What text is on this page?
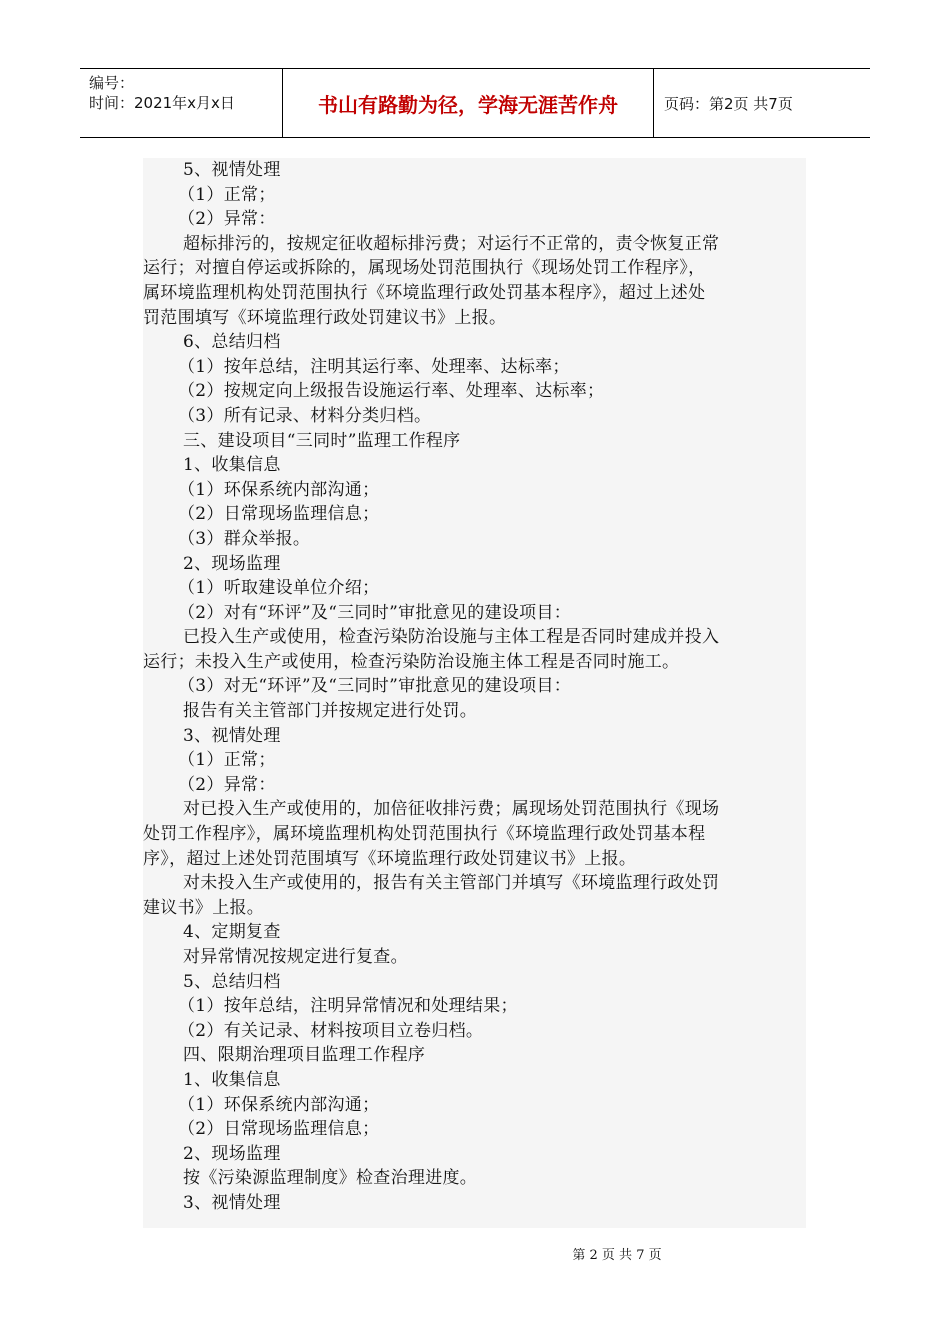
编号：
时间：2021年x月x日	书山有路勤为径，学海无涯苦作舟	页码：第2页 共7页
5、视情处理
（1）正常；
（2）异常：
超标排污的，按规定征收超标排污费；对运行不正常的，责令恢复正常
运行；对擅自停运或拆除的，属现场处罚范围执行《现场处罚工作程序》，
属环境监理机构处罚范围执行《环境监理行政处罚基本程序》，超过上述处
罚范围填写《环境监理行政处罚建议书》上报。
6、总结归档
（1）按年总结，注明其运行率、处理率、达标率；
（2）按规定向上级报告设施运行率、处理率、达标率；
（3）所有记录、材料分类归档。
三、建设项目“三同时”监理工作程序
1、收集信息
（1）环保系统内部沟通；
（2）日常现场监理信息；
（3）群众举报。
2、现场监理
（1）听取建设单位介绍；
（2）对有“环评”及“三同时”审批意见的建设项目：
已投入生产或使用，检查污染防治设施与主体工程是否同时建成并投入
运行；未投入生产或使用，检查污染防治设施主体工程是否同时施工。
（3）对无“环评”及“三同时”审批意见的建设项目：
报告有关主管部门并按规定进行处罚。
3、视情处理
（1）正常；
（2）异常：
对已投入生产或使用的，加倍征收排污费；属现场处罚范围执行《现场
处罚工作程序》，属环境监理机构处罚范围执行《环境监理行政处罚基本程
序》，超过上述处罚范围填写《环境监理行政处罚建议书》上报。
对未投入生产或使用的，报告有关主管部门并填写《环境监理行政处罚
建议书》上报。
4、定期复查
对异常情况按规定进行复查。
5、总结归档
（1）按年总结，注明异常情况和处理结果；
（2）有关记录、材料按项目立卷归档。
四、限期治理项目监理工作程序
1、收集信息
（1）环保系统内部沟通；
（2）日常现场监理信息；
2、现场监理
按《污染源监理制度》检查治理进度。
3、视情处理
第 2 页 共 7 页
